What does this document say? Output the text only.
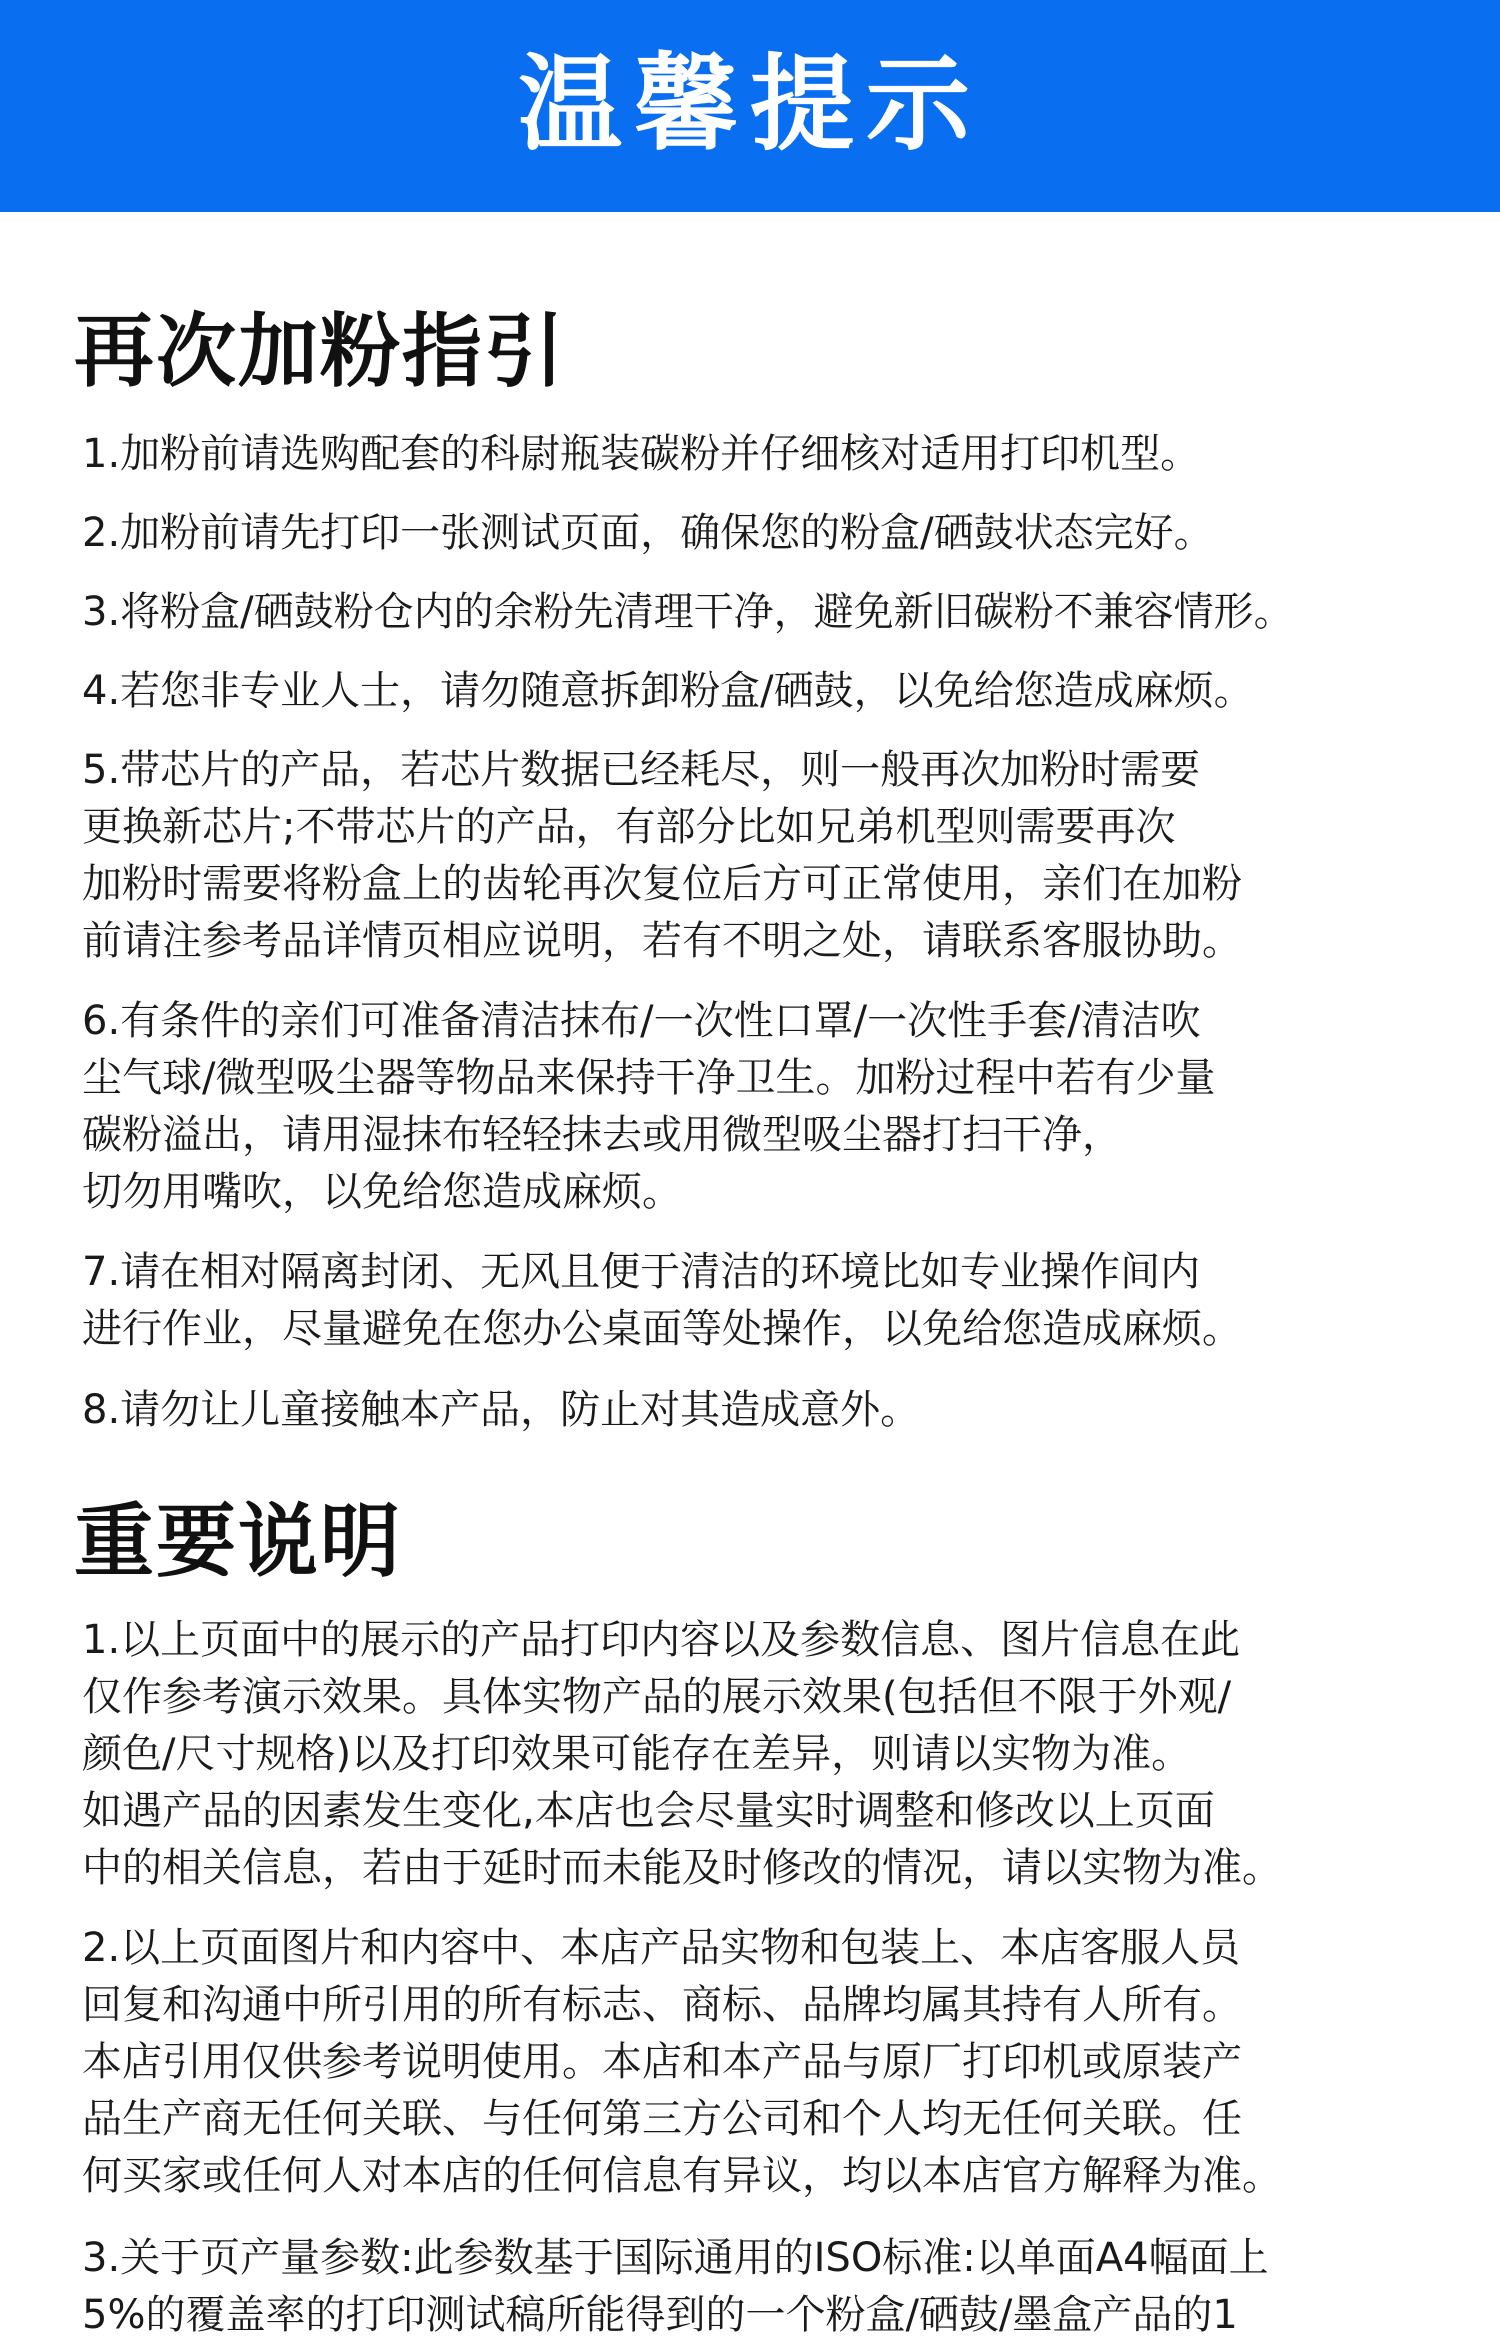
温馨提示
再次加粉指引
1.加粉前请选购配套的科尉瓶装碳粉并仔细核对适用打印机型。
2.加粉前请先打印一张测试页面，确保您的粉盒/硒鼓状态完好。
3.将粉盒/硒鼓粉仓内的余粉先清理干净，避免新旧碳粉不兼容情形。
4.若您非专业人士，请勿随意拆卸粉盒/硒鼓，以免给您造成麻烦。
5.带芯片的产品，若芯片数据已经耗尽，则一般再次加粉时需要
更换新芯片;不带芯片的产品，有部分比如兄弟机型则需要再次
加粉时需要将粉盒上的齿轮再次复位后方可正常使用，亲们在加粉
前请注参考品详情页相应说明，若有不明之处，请联系客服协助。
6.有条件的亲们可准备清洁抹布/一次性口罩/一次性手套/清洁吹
尘气球/微型吸尘器等物品来保持干净卫生。加粉过程中若有少量
碳粉溢出，请用湿抹布轻轻抹去或用微型吸尘器打扫干净，
切勿用嘴吹，以免给您造成麻烦。
7.请在相对隔离封闭、无风且便于清洁的环境比如专业操作间内
进行作业，尽量避免在您办公桌面等处操作，以免给您造成麻烦。
8.请勿让儿童接触本产品，防止对其造成意外。
重要说明
1.以上页面中的展示的产品打印内容以及参数信息、图片信息在此
仅作参考演示效果。具体实物产品的展示效果(包括但不限于外观/
颜色/尺寸规格)以及打印效果可能存在差异，则请以实物为准。
如遇产品的因素发生变化,本店也会尽量实时调整和修改以上页面
中的相关信息，若由于延时而未能及时修改的情况，请以实物为准。
2.以上页面图片和内容中、本店产品实物和包装上、本店客服人员
回复和沟通中所引用的所有标志、商标、品牌均属其持有人所有。
本店引用仅供参考说明使用。本店和本产品与原厂打印机或原装产
品生产商无任何关联、与任何第三方公司和个人均无任何关联。任
何买家或任何人对本店的任何信息有异议，均以本店官方解释为准。
3.关于页产量参数:此参数基于国际通用的ISO标准:以单面A4幅面上
5%的覆盖率的打印测试稿所能得到的一个粉盒/硒鼓/墨盒产品的1
